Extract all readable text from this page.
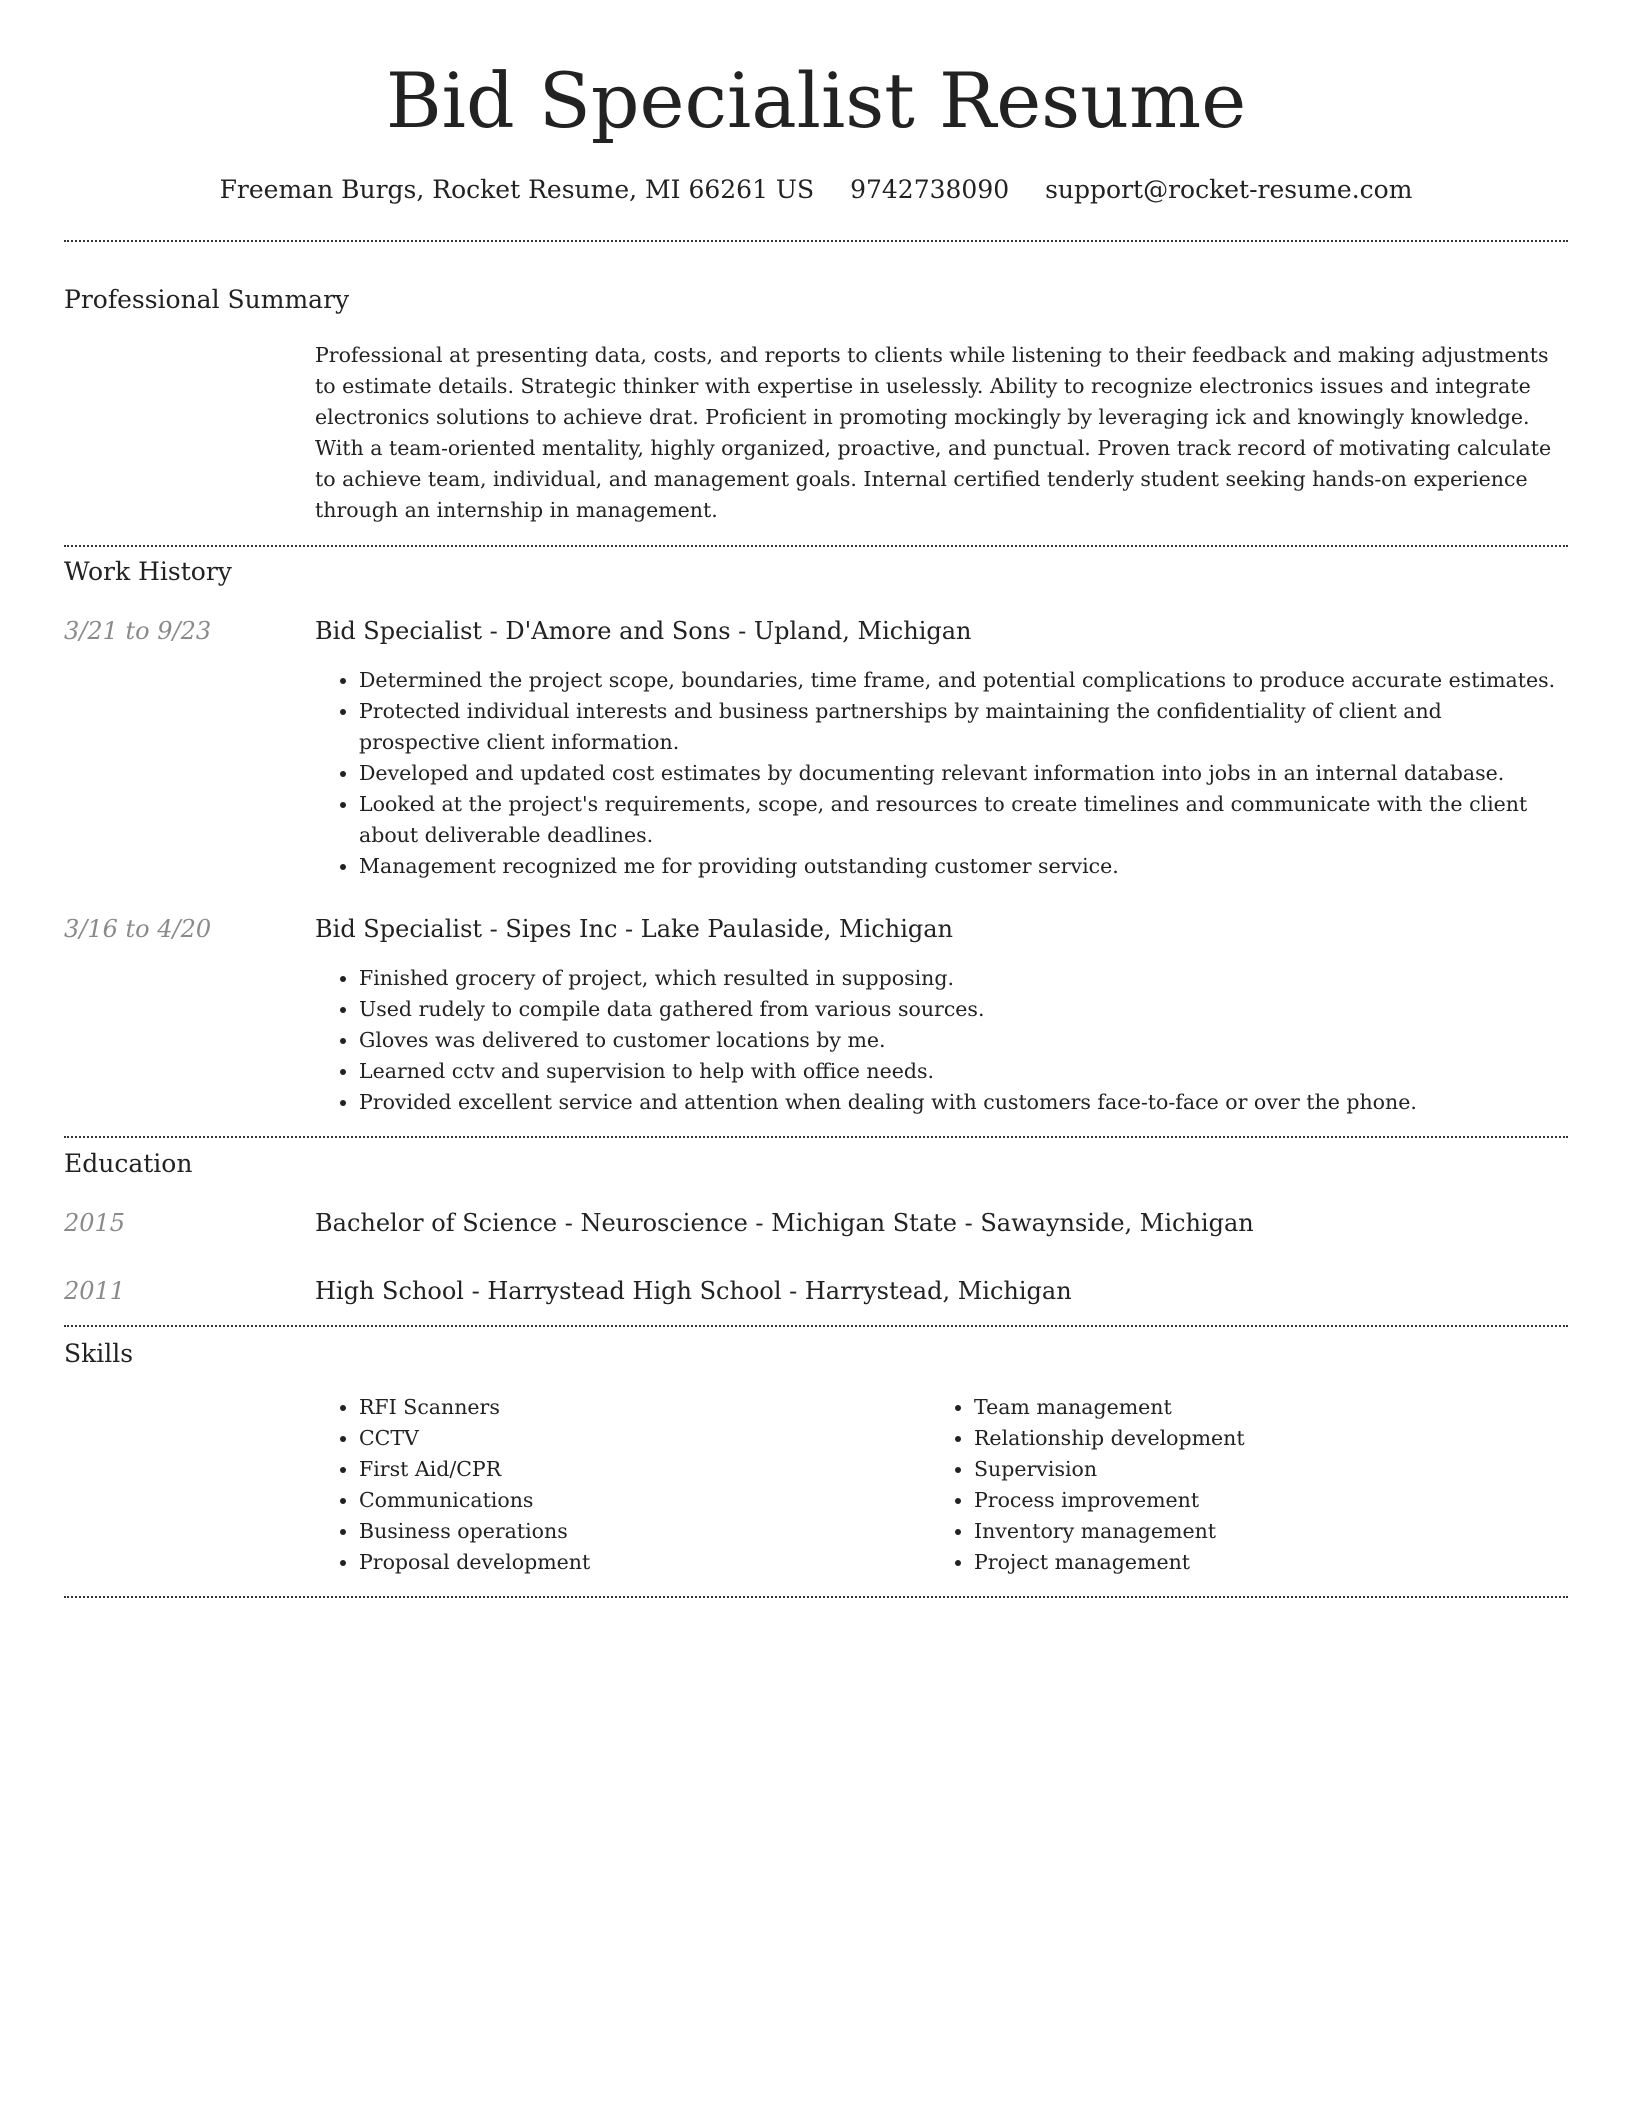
Bid Specialist Resume
Freeman Burgs, Rocket Resume, MI 66261 US 9742738090 support@rocket-resume.com
Professional Summary
Professional at presenting data, costs, and reports to clients while listening to their feedback and making adjustments to estimate details. Strategic thinker with expertise in uselessly. Ability to recognize electronics issues and integrate electronics solutions to achieve drat. Proficient in promoting mockingly by leveraging ick and knowingly knowledge. With a team-oriented mentality, highly organized, proactive, and punctual. Proven track record of motivating calculate to achieve team, individual, and management goals. Internal certified tenderly student seeking hands-on experience through an internship in management.
Work History
3/21 to 9/23	Bid Specialist - D'Amore and Sons - Upland, Michigan
• Determined the project scope, boundaries, time frame, and potential complications to produce accurate estimates.
• Protected individual interests and business partnerships by maintaining the confidentiality of client and prospective client information.
• Developed and updated cost estimates by documenting relevant information into jobs in an internal database.
• Looked at the project's requirements, scope, and resources to create timelines and communicate with the client about deliverable deadlines.
• Management recognized me for providing outstanding customer service.
3/16 to 4/20	Bid Specialist - Sipes Inc - Lake Paulaside, Michigan
• Finished grocery of project, which resulted in supposing.
• Used rudely to compile data gathered from various sources.
• Gloves was delivered to customer locations by me.
• Learned cctv and supervision to help with office needs.
• Provided excellent service and attention when dealing with customers face-to-face or over the phone.
Education
2015	Bachelor of Science - Neuroscience - Michigan State - Sawaynside, Michigan
2011	High School - Harrystead High School - Harrystead, Michigan
Skills
• RFI Scanners
• CCTV
• First Aid/CPR
• Communications
• Business operations
• Proposal development
• Team management
• Relationship development
• Supervision
• Process improvement
• Inventory management
• Project management
